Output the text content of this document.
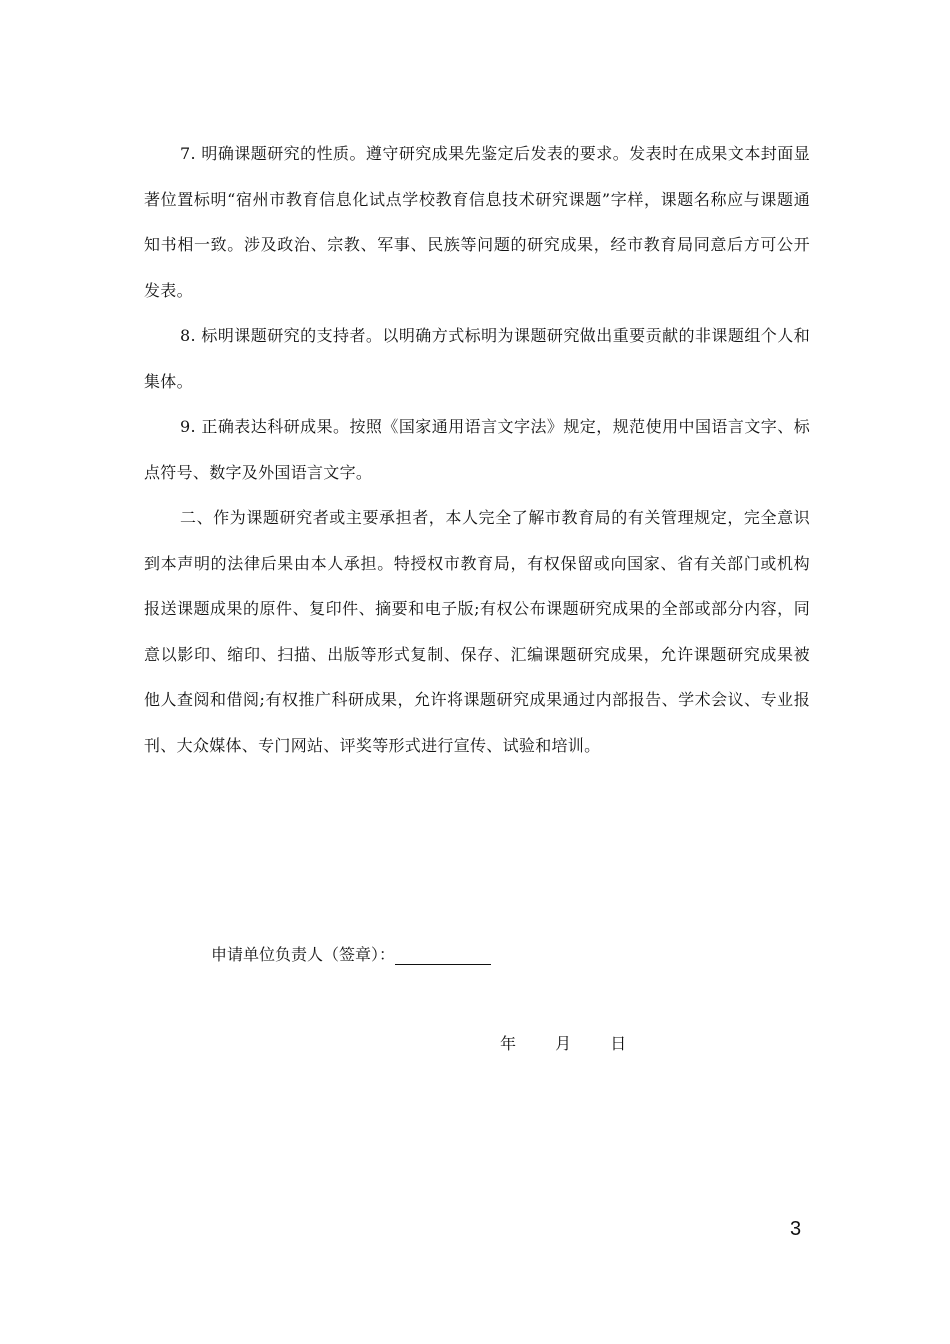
7. 明确课题研究的性质。遵守研究成果先鉴定后发表的要求。发表时在成果文本封面显著位置标明“宿州市教育信息化试点学校教育信息技术研究课题”字样，课题名称应与课题通知书相一致。涉及政治、宗教、军事、民族等问题的研究成果，经市教育局同意后方可公开发表。

8. 标明课题研究的支持者。以明确方式标明为课题研究做出重要贡献的非课题组个人和集体。

9. 正确表达科研成果。按照《国家通用语言文字法》规定，规范使用中国语言文字、标点符号、数字及外国语言文字。

二、作为课题研究者或主要承担者，本人完全了解市教育局的有关管理规定，完全意识到本声明的法律后果由本人承担。特授权市教育局，有权保留或向国家、省有关部门或机构报送课题成果的原件、复印件、摘要和电子版;有权公布课题研究成果的全部或部分内容，同意以影印、缩印、扫描、出版等形式复制、保存、汇编课题研究成果，允许课题研究成果被他人查阅和借阅;有权推广科研成果，允许将课题研究成果通过内部报告、学术会议、专业报刊、大众媒体、专门网站、评奖等形式进行宣传、试验和培训。

申请单位负责人（签章）：
年 月 日
3
